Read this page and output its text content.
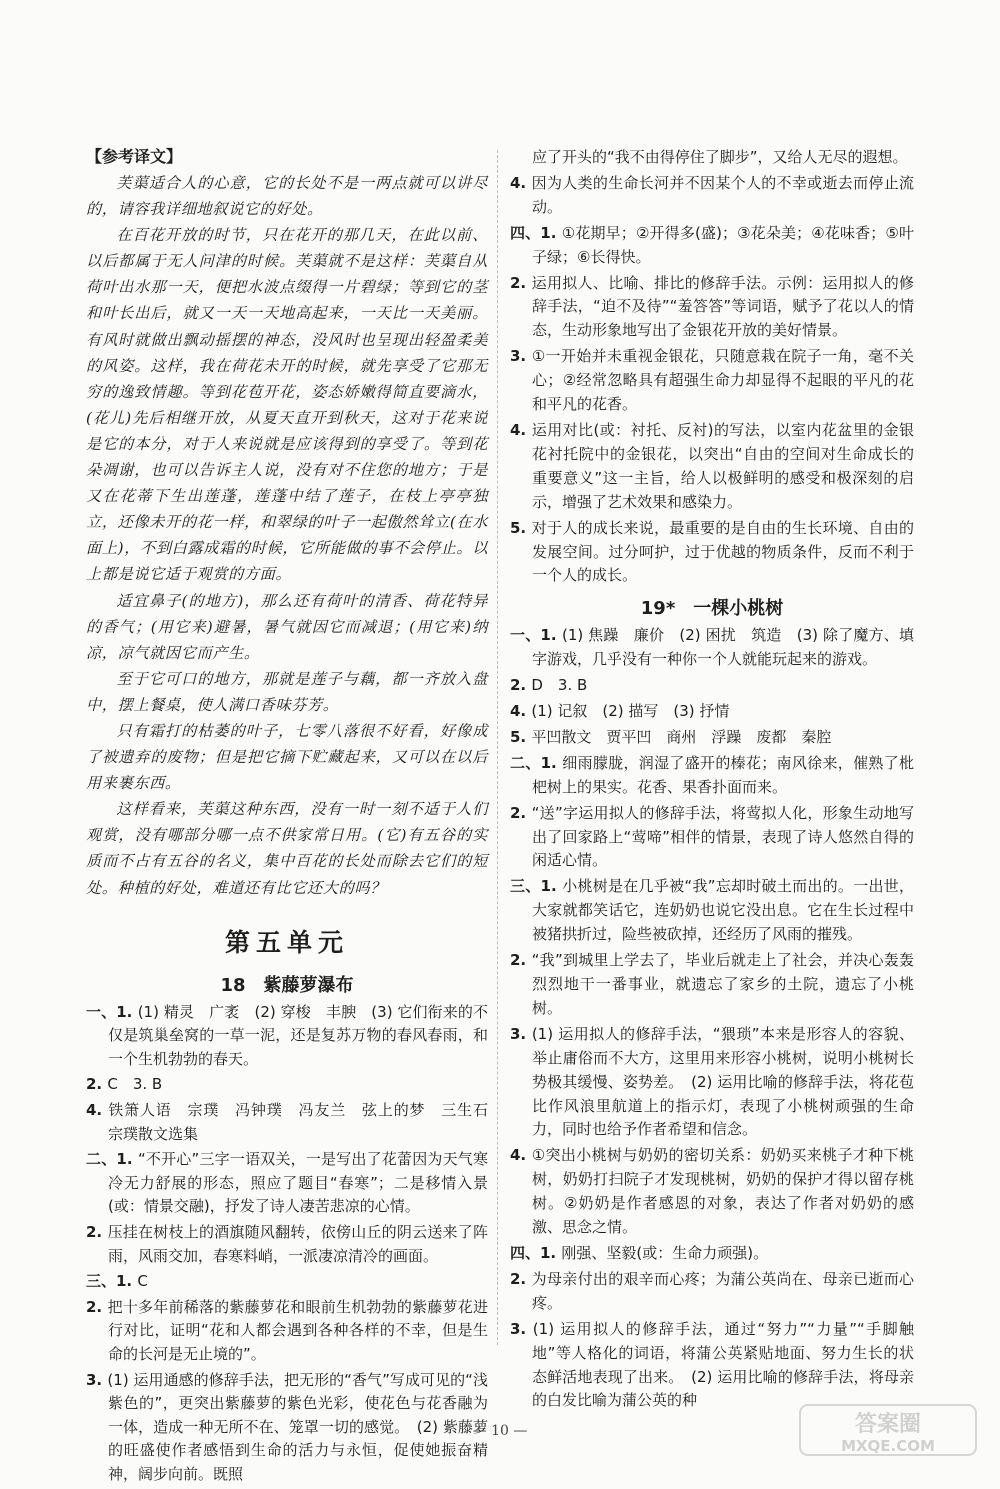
【参考译文】

芙蕖适合人的心意，它的长处不是一两点就可以讲尽的，请容我详细地叙说它的好处。

在百花开放的时节，只在花开的那几天，在此以前、以后都属于无人问津的时候。芙蕖就不是这样：芙蕖自从荷叶出水那一天，便把水波点缀得一片碧绿；等到它的茎和叶长出后，就又一天一天地高起来，一天比一天美丽。有风时就做出飘动摇摆的神态，没风时也呈现出轻盈柔美的风姿。这样，我在荷花未开的时候，就先享受了它那无穷的逸致情趣。等到花苞开花，姿态娇嫩得简直要滴水，(花儿)先后相继开放，从夏天直开到秋天，这对于花来说是它的本分，对于人来说就是应该得到的享受了。等到花朵凋谢，也可以告诉主人说，没有对不住您的地方；于是又在花蒂下生出莲蓬，莲蓬中结了莲子，在枝上亭亭独立，还像未开的花一样，和翠绿的叶子一起傲然耸立(在水面上)，不到白露成霜的时候，它所能做的事不会停止。以上都是说它适于观赏的方面。

适宜鼻子(的地方)，那么还有荷叶的清香、荷花特异的香气；(用它来)避暑，暑气就因它而减退；(用它来)纳凉，凉气就因它而产生。

至于它可口的地方，那就是莲子与藕，都一齐放入盘中，摆上餐桌，使人满口香味芬芳。

只有霜打的枯萎的叶子，七零八落很不好看，好像成了被遗弃的废物；但是把它摘下贮藏起来，又可以在以后用来裹东西。

这样看来，芙蕖这种东西，没有一时一刻不适于人们观赏，没有哪部分哪一点不供家常日用。(它)有五谷的实质而不占有五谷的名义，集中百花的长处而除去它们的短处。种植的好处，难道还有比它还大的吗？

第五单元
18　紫藤萝瀑布
一、1. (1) 精灵　广袤　(2) 穿梭　丰腴　(3) 它们衔来的不仅是筑巢垒窝的一草一泥，还是复苏万物的春风春雨，和一个生机勃勃的春天。
2. C　3. B
4. 铁箫人语　宗璞　冯钟璞　冯友兰　弦上的梦　三生石　宗璞散文选集
二、1. “不开心”三字一语双关，一是写出了花蕾因为天气寒冷无力舒展的形态，照应了题目“春寒”；二是移情入景(或：情景交融)，抒发了诗人凄苦悲凉的心情。
2. 压挂在树枝上的酒旗随风翻转，依傍山丘的阴云送来了阵雨，风雨交加，春寒料峭，一派凄凉清冷的画面。
三、1. C
2. 把十多年前稀落的紫藤萝花和眼前生机勃勃的紫藤萝花进行对比，证明“花和人都会遇到各种各样的不幸，但是生命的长河是无止境的”。
3. (1) 运用通感的修辞手法，把无形的“香气”写成可见的“浅紫色的”，更突出紫藤萝的紫色光彩，使花色与花香融为一体，造成一种无所不在、笼罩一切的感觉。　(2) 紫藤萝的旺盛使作者感悟到生命的活力与永恒，促使她振奋精神，阔步向前。既照
应了开头的“我不由得停住了脚步”，又给人无尽的遐想。
4. 因为人类的生命长河并不因某个人的不幸或逝去而停止流动。
四、1. ①花期早；②开得多(盛)；③花朵美；④花味香；⑤叶子绿；⑥长得快。
2. 运用拟人、比喻、排比的修辞手法。示例：运用拟人的修辞手法，“迫不及待”“羞答答”等词语，赋予了花以人的情态，生动形象地写出了金银花开放的美好情景。
3. ①一开始并未重视金银花，只随意栽在院子一角，毫不关心；②经常忽略具有超强生命力却显得不起眼的平凡的花和平凡的花香。
4. 运用对比(或：衬托、反衬)的写法，以室内花盆里的金银花衬托院中的金银花，以突出“自由的空间对生命成长的重要意义”这一主旨，给人以极鲜明的感受和极深刻的启示，增强了艺术效果和感染力。
5. 对于人的成长来说，最重要的是自由的生长环境、自由的发展空间。过分呵护，过于优越的物质条件，反而不利于一个人的成长。
19*　一棵小桃树
一、1. (1) 焦躁　廉价　(2) 困扰　筑造　(3) 除了魔方、填字游戏，几乎没有一种你一个人就能玩起来的游戏。
2. D　3. B
4. (1) 记叙　(2) 描写　(3) 抒情
5. 平凹散文　贾平凹　商州　浮躁　废都　秦腔
二、1. 细雨朦胧，润湿了盛开的榛花；南风徐来，催熟了枇杷树上的果实。花香、果香扑面而来。
2. “送”字运用拟人的修辞手法，将莺拟人化，形象生动地写出了回家路上“莺啼”相伴的情景，表现了诗人悠然自得的闲适心情。
三、1. 小桃树是在几乎被“我”忘却时破土而出的。一出世，大家就都笑话它，连奶奶也说它没出息。它在生长过程中被猪拱折过，险些被砍掉，还经历了风雨的摧残。
2. “我”到城里上学去了，毕业后就走上了社会，并决心轰轰烈烈地干一番事业，就遗忘了家乡的土院，遗忘了小桃树。
3. (1) 运用拟人的修辞手法，“猥琐”本来是形容人的容貌、举止庸俗而不大方，这里用来形容小桃树，说明小桃树长势极其缓慢、姿势差。　(2) 运用比喻的修辞手法，将花苞比作风浪里航道上的指示灯，表现了小桃树顽强的生命力，同时也给予作者希望和信念。
4. ①突出小桃树与奶奶的密切关系：奶奶买来桃子才种下桃树，奶奶打扫院子才发现桃树，奶奶的保护才得以留存桃树。②奶奶是作者感恩的对象，表达了作者对奶奶的感激、思念之情。
四、1. 刚强、坚毅(或：生命力顽强)。
2. 为母亲付出的艰辛而心疼；为蒲公英尚在、母亲已逝而心疼。
3. (1) 运用拟人的修辞手法，通过“努力”“力量”“手脚触地”等人格化的词语，将蒲公英紧贴地面、努力生长的状态鲜活地表现了出来。　(2) 运用比喻的修辞手法，将母亲的白发比喻为蒲公英的种
— 10 —	答案圈
MXQE.COM
